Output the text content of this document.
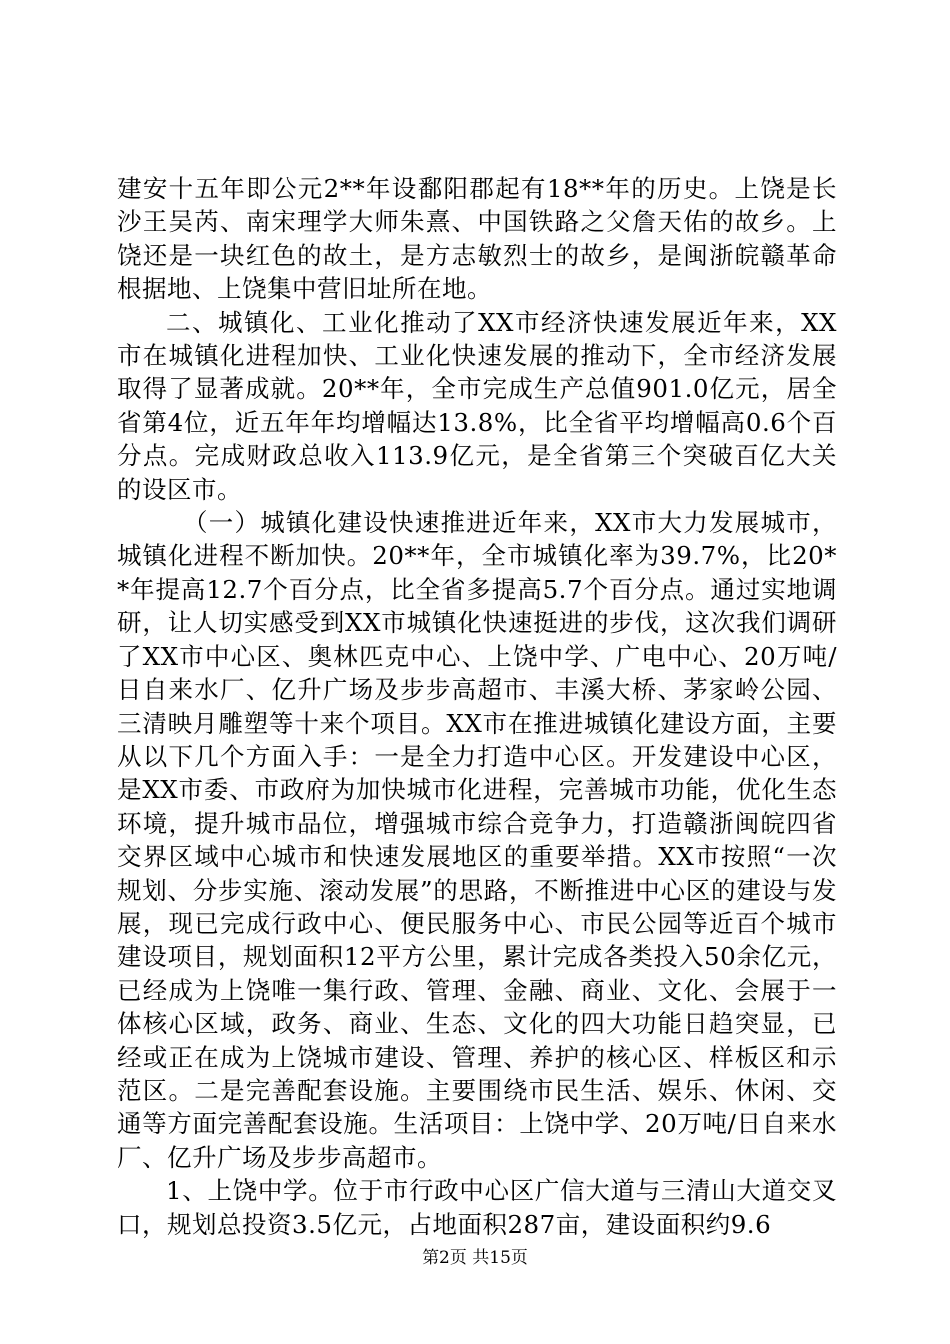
建安十五年即公元2**年设鄱阳郡起有18**年的历史。上饶是长沙王吴芮、南宋理学大师朱熹、中国铁路之父詹天佑的故乡。上饶还是一块红色的故土，是方志敏烈士的故乡，是闽浙皖赣革命根据地、上饶集中营旧址所在地。

二、城镇化、工业化推动了XX市经济快速发展近年来，XX市在城镇化进程加快、工业化快速发展的推动下，全市经济发展取得了显著成就。20**年，全市完成生产总值901.0亿元，居全省第4位，近五年年均增幅达13.8%，比全省平均增幅高0.6个百分点。完成财政总收入113.9亿元，是全省第三个突破百亿大关的设区市。

（一）城镇化建设快速推进近年来，XX市大力发展城市，城镇化进程不断加快。20**年，全市城镇化率为39.7%，比20**年提高12.7个百分点，比全省多提高5.7个百分点。通过实地调研，让人切实感受到XX市城镇化快速挺进的步伐，这次我们调研了XX市中心区、奥林匹克中心、上饶中学、广电中心、20万吨/日自来水厂、亿升广场及步步高超市、丰溪大桥、茅家岭公园、三清映月雕塑等十来个项目。XX市在推进城镇化建设方面，主要从以下几个方面入手：一是全力打造中心区。开发建设中心区，是XX市委、市政府为加快城市化进程，完善城市功能，优化生态环境，提升城市品位，增强城市综合竞争力，打造赣浙闽皖四省交界区域中心城市和快速发展地区的重要举措。XX市按照“一次规划、分步实施、滚动发展”的思路，不断推进中心区的建设与发展，现已完成行政中心、便民服务中心、市民公园等近百个城市建设项目，规划面积12平方公里，累计完成各类投入50余亿元，已经成为上饶唯一集行政、管理、金融、商业、文化、会展于一体核心区域，政务、商业、生态、文化的四大功能日趋突显，已经或正在成为上饶城市建设、管理、养护的核心区、样板区和示范区。二是完善配套设施。主要围绕市民生活、娱乐、休闲、交通等方面完善配套设施。生活项目：上饶中学、20万吨/日自来水厂、亿升广场及步步高超市。

1、上饶中学。位于市行政中心区广信大道与三清山大道交叉口，规划总投资3.5亿元，占地面积287亩，建设面积约9.6

第2页 共15页
